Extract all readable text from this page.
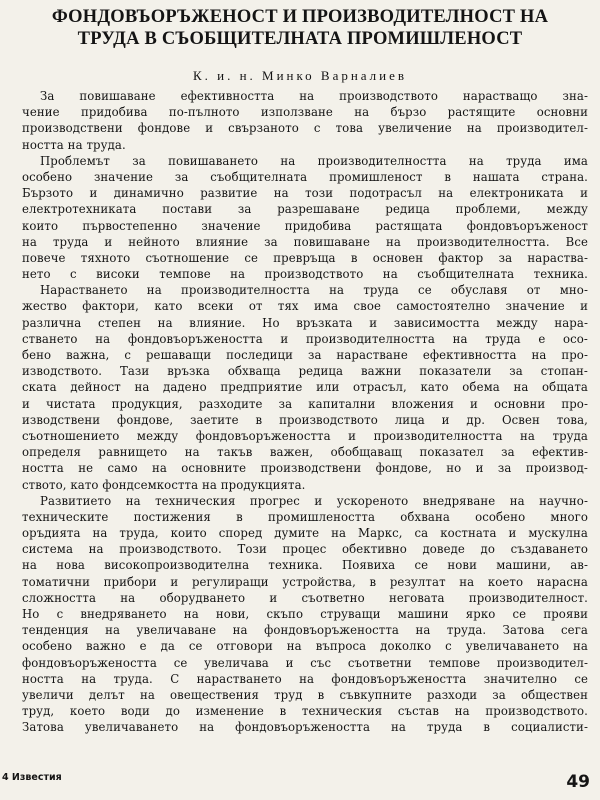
ФОНДОВЪОРЪЖЕНОСТ И ПРОИЗВОДИТЕЛНОСТ НА
ТРУДА В СЪОБЩИТЕЛНАТА ПРОМИШЛЕНОСТ
К. и. н. Минко Варналиев
За повишаване ефективността на производството нарастващо зна-
чение придобива по-пълното използване на бързо растящите основни
производствени фондове и свързаното с това увеличение на производител-
ността на труда.
Проблемът за повишаването на производителността на труда има
особено значение за съобщителната промишленост в нашата страна.
Бързото и динамично развитие на този подотрасъл на електрониката и
електротехниката постави за разрешаване редица проблеми, между
които първостепенно значение придобива растящата фондовъоръженост
на труда и нейното влияние за повишаване на производителността. Все
повече тяхното съотношение се превръща в основен фактор за нараства-
нето с високи темпове на производството на съобщителната техника.
Нарастването на производителността на труда се обуславя от мно-
жество фактори, като всеки от тях има свое самостоятелно значение и
различна степен на влияние. Но връзката и зависимостта между нара-
стването на фондовъоръжеността и производителността на труда е осо-
бено важна, с решаващи последици за нарастване ефективността на про-
изводството. Тази връзка обхваща редица важни показатели за стопан-
ската дейност на дадено предприятие или отрасъл, като обема на общата
и чистата продукция, разходите за капитални вложения и основни про-
изводствени фондове, заетите в производството лица и др. Освен това,
съотношението между фондовъоръжеността и производителността на труда
определя равнището на такъв важен, обобщаващ показател за ефектив-
ността не само на основните производствени фондове, но и за производ-
ството, като фондсемкостта на продукцията.
Развитието на техническия прогрес и ускореното внедряване на научно-
техническите постижения в промишлеността обхвана особено много
оръдията на труда, които според думите на Маркс, са костната и мускулна
система на производството. Този процес обективно доведе до създаването
на нова високопроизводителна техника. Появиха се нови машини, ав-
томатични прибори и регулиращи устройства, в резултат на което нарасна
сложността на оборудването и съответно неговата производителност.
Но с внедряването на нови, скъпо струващи машини ярко се прояви
тенденция на увеличаване на фондовъоръжеността на труда. Затова сега
особено важно е да се отговори на въпроса доколко с увеличаването на
фондовъоръжеността се увеличава и със съответни темпове производител-
ността на труда. С нарастването на фондовъоръжеността значително се
увеличи делът на овеществения труд в съвкупните разходи за обществен
труд, което води до изменение в техническия състав на производството.
Затова увеличаването на фондовъоръжеността на труда в социалисти-
4 Известия	49
